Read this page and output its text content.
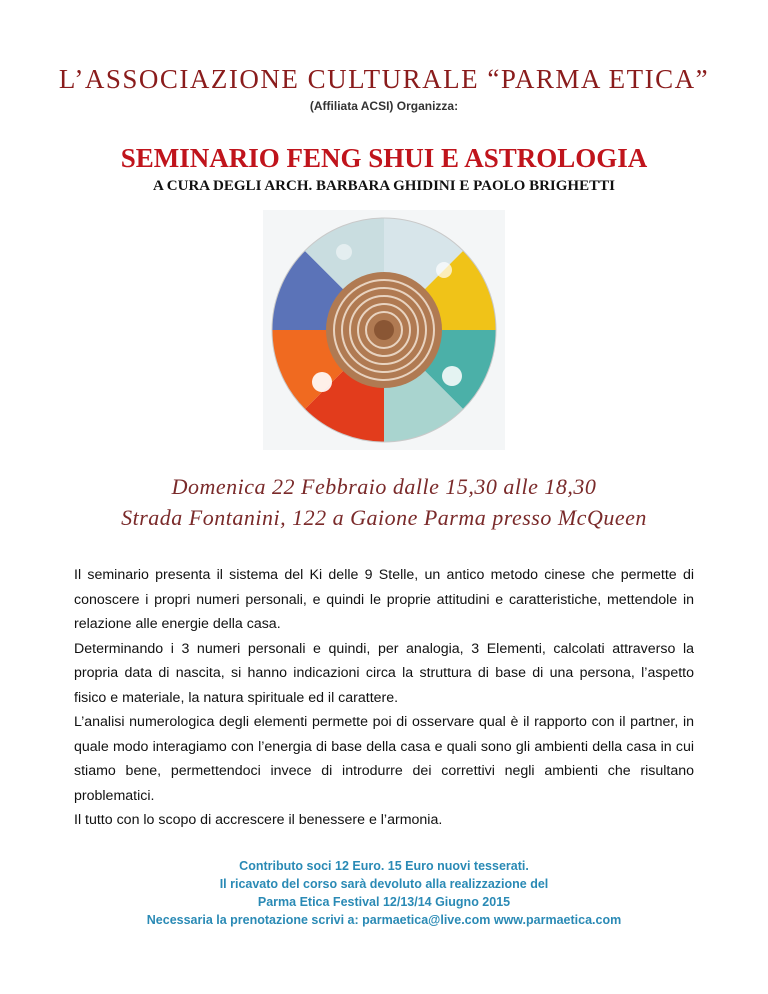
L’ASSOCIAZIONE CULTURALE “PARMA ETICA”
(Affiliata ACSI) Organizza:
SEMINARIO FENG SHUI E ASTROLOGIA
A CURA DEGLI ARCH. BARBARA GHIDINI E PAOLO BRIGHETTI
Domenica 22 Febbraio dalle 15,30 alle 18,30
Strada Fontanini, 122 a Gaione Parma presso McQueen

Il seminario presenta il sistema del Ki delle 9 Stelle, un antico metodo cinese che permette di conoscere i propri numeri personali, e quindi le proprie attitudini e caratteristiche, mettendole in relazione alle energie della casa.

Determinando i 3 numeri personali e quindi, per analogia, 3 Elementi, calcolati attraverso la propria data di nascita, si hanno indicazioni circa la struttura di base di una persona, l’aspetto fisico e materiale, la natura spirituale ed il carattere.

L’analisi numerologica degli elementi permette poi di osservare qual è il rapporto con il partner, in quale modo interagiamo con l’energia di base della casa e quali sono gli ambienti della casa in cui stiamo bene, permettendoci invece di introdurre dei correttivi negli ambienti che risultano problematici.

Il tutto con lo scopo di accrescere il benessere e l’armonia.

Contributo soci 12 Euro. 15 Euro nuovi tesserati.
Il ricavato del corso sarà devoluto alla realizzazione del
Parma Etica Festival 12/13/14 Giugno 2015
Necessaria la prenotazione scrivi a: parmaetica@live.com www.parmaetica.com
